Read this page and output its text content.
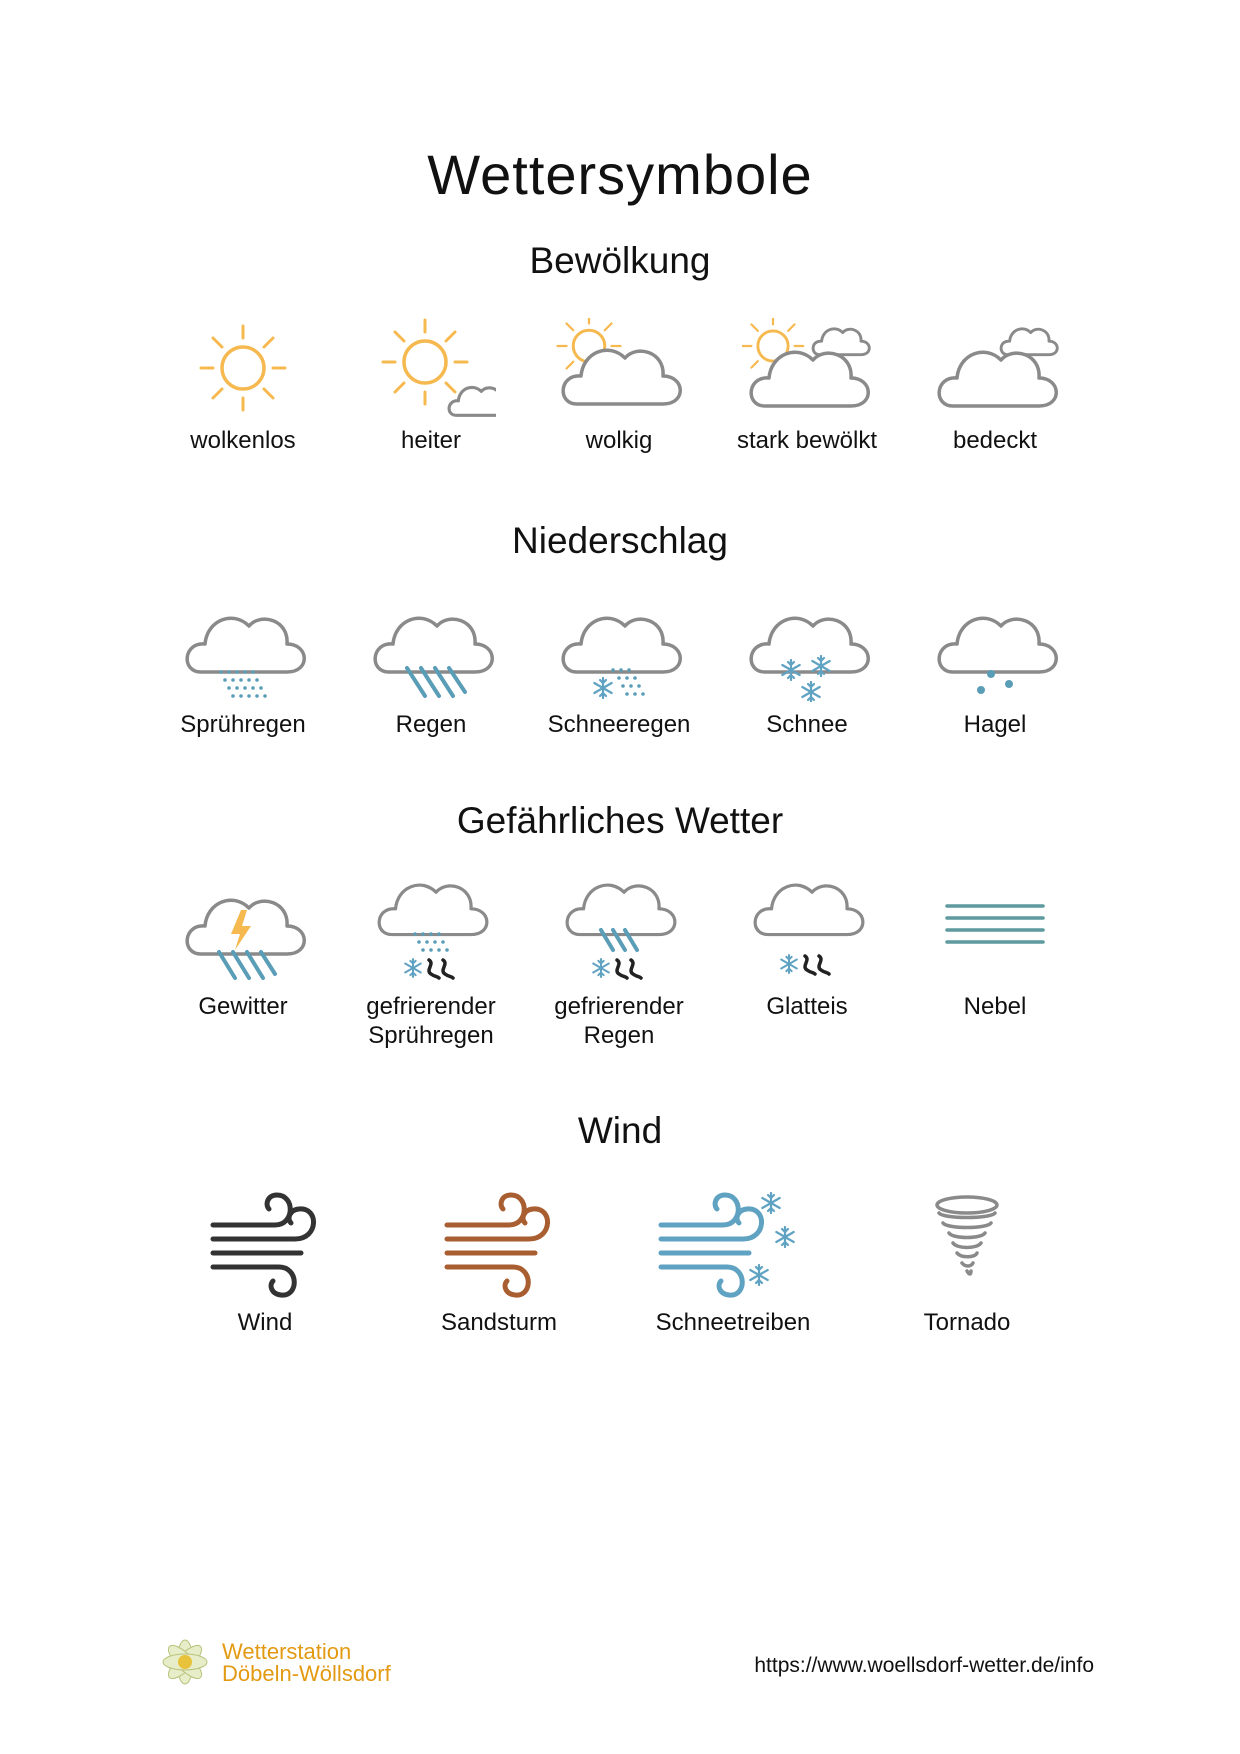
Wettersymbole
Bewölkung
wolkenlos	heiter	wolkig	stark bewölkt	bedeckt
Niederschlag
Sprühregen	Regen	Schneeregen	Schnee	Hagel
Gefährliches Wetter
Gewitter	gefrierender
Sprühregen
gefrierender
Regen
Glatteis	Nebel
Wind
Wind	Sandsturm	Schneetreiben	Tornado
Wetterstation
Döbeln-Wöllsdorf	https://www.woellsdorf-wetter.de/info
